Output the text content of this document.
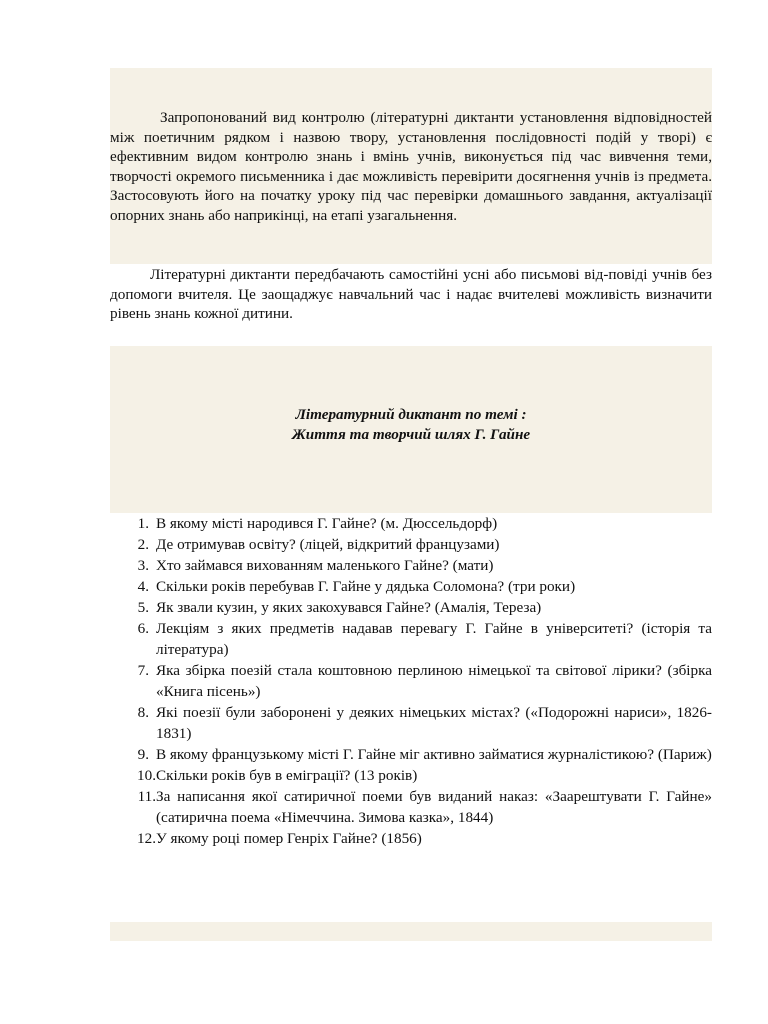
Запропонований вид контролю (літературні диктанти установлення відповідностей між поетичним рядком і назвою твору, установлення послідовності подій у творі) є ефективним видом контролю знань і вмінь учнів, виконується під час вивчення теми, творчості окремого письменника і дає можливість перевірити досягнення учнів із предмета. Застосовують його на початку уроку під час перевірки домашнього завдання, актуалізації опорних знань або наприкінці, на етапі узагальнення.

Літературні диктанти передбачають самостійні усні або письмові від-повіді учнів без допомоги вчителя. Це заощаджує навчальний час і надає вчителеві можливість визначити рівень знань кожної дитини.

Літературний диктант по темі :
Життя та творчий шлях Г. Гайне
1. В якому місті народився Г. Гайне? (м. Дюссельдорф)
2. Де отримував освіту? (ліцей, відкритий французами)
3. Хто займався вихованням маленького Гайне? (мати)
4. Скільки років перебував Г. Гайне у дядька Соломона? (три роки)
5. Як звали кузин, у яких закохувався Гайне? (Амалія, Тереза)
6. Лекціям з яких предметів надавав перевагу Г. Гайне в університеті? (історія та література)
7. Яка збірка поезій стала коштовною перлиною німецької та світової лірики? (збірка «Книга пісень»)
8. Які поезії були заборонені у деяких німецьких містах? («Подорожні нариси», 1826-1831)
9. В якому французькому місті Г. Гайне міг активно займатися журналістикою? (Париж)
10. Скільки років був в еміграції? (13 років)
11. За написання якої сатиричної поеми був виданий наказ: «Заарештувати Г. Гайне» (сатирична поема «Німеччина. Зимова казка», 1844)
12. У якому році помер Генріх Гайне? (1856)
